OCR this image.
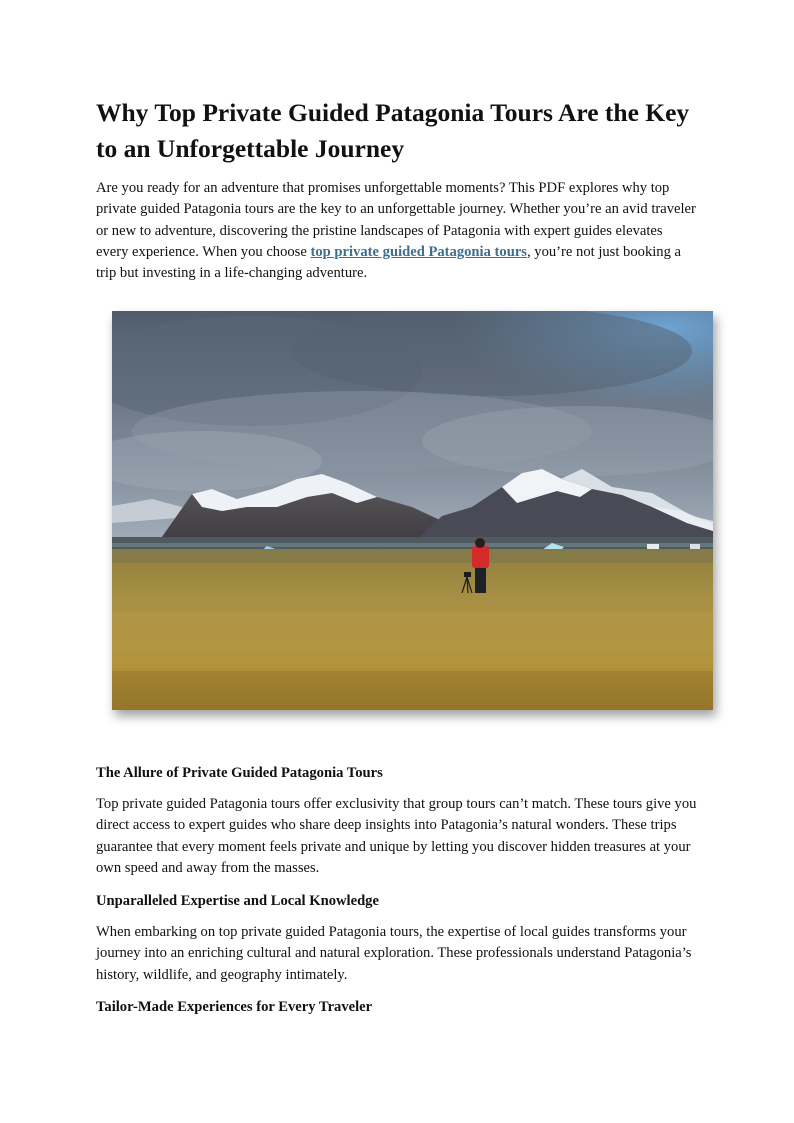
Why Top Private Guided Patagonia Tours Are the Key to an Unforgettable Journey

Are you ready for an adventure that promises unforgettable moments? This PDF explores why top private guided Patagonia tours are the key to an unforgettable journey. Whether you’re an avid traveler or new to adventure, discovering the pristine landscapes of Patagonia with expert guides elevates every experience. When you choose top private guided Patagonia tours, you’re not just booking a trip but investing in a life-changing adventure.

The Allure of Private Guided Patagonia Tours

Top private guided Patagonia tours offer exclusivity that group tours can’t match. These tours give you direct access to expert guides who share deep insights into Patagonia’s natural wonders. These trips guarantee that every moment feels private and unique by letting you discover hidden treasures at your own speed and away from the masses.

Unparalleled Expertise and Local Knowledge

When embarking on top private guided Patagonia tours, the expertise of local guides transforms your journey into an enriching cultural and natural exploration. These professionals understand Patagonia’s history, wildlife, and geography intimately.

Tailor-Made Experiences for Every Traveler
